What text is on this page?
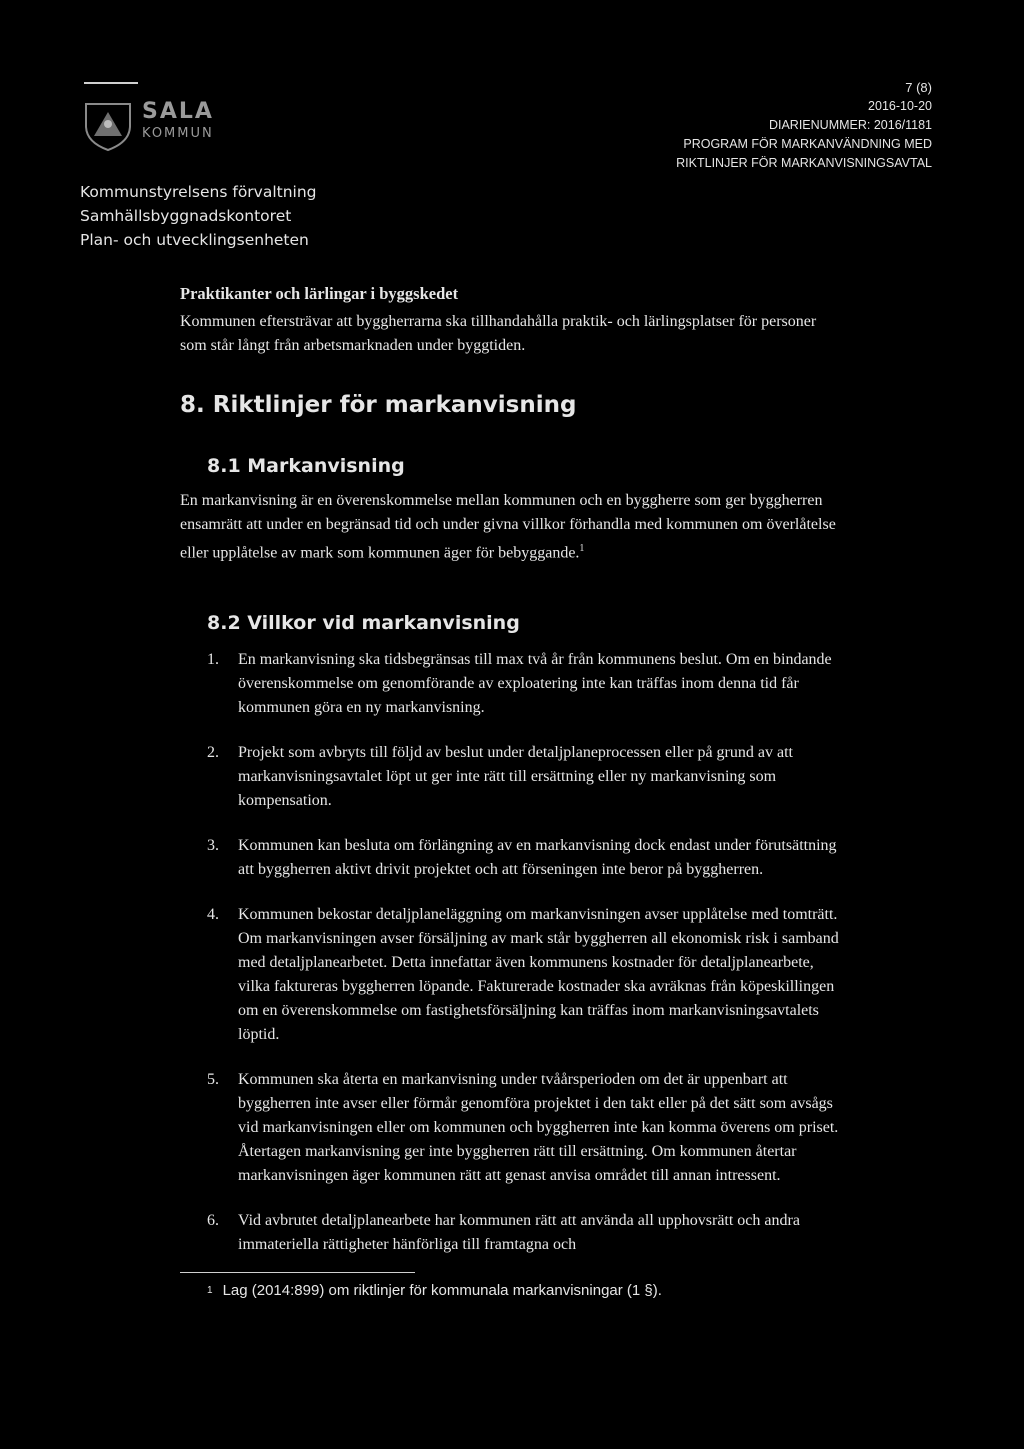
SALA
KOMMUN
7 (8)
2016-10-20
DIARIENUMMER: 2016/1181
PROGRAM FÖR MARKANVÄNDNING MED
RIKTLINJER FÖR MARKANVISNINGSAVTAL
Kommunstyrelsens förvaltning
Samhällsbyggnadskontoret
Plan- och utvecklingsenheten
Praktikanter och lärlingar i byggskedet
Kommunen eftersträvar att byggherrarna ska tillhandahålla praktik- och lärlingsplatser för personer som står långt från arbetsmarknaden under byggtiden.
8. Riktlinjer för markanvisning
8.1 Markanvisning
En markanvisning är en överenskommelse mellan kommunen och en byggherre som ger byggherren ensamrätt att under en begränsad tid och under givna villkor förhandla med kommunen om överlåtelse eller upplåtelse av mark som kommunen äger för bebyggande.$^1$
8.2 Villkor vid markanvisning
1. En markanvisning ska tidsbegränsas till max två år från kommunens beslut. Om en bindande överenskommelse om genomförande av exploatering inte kan träffas inom denna tid får kommunen göra en ny markanvisning.
2. Projekt som avbryts till följd av beslut under detaljplaneprocessen eller på grund av att markanvisningsavtalet löpt ut ger inte rätt till ersättning eller ny markanvisning som kompensation.
3. Kommunen kan besluta om förlängning av en markanvisning dock endast under förutsättning att byggherren aktivt drivit projektet och att förseningen inte beror på byggherren.
4. Kommunen bekostar detaljplaneläggning om markanvisningen avser upplåtelse med tomträtt. Om markanvisningen avser försäljning av mark står byggherren all ekonomisk risk i samband med detaljplanearbetet. Detta innefattar även kommunens kostnader för detaljplanearbete, vilka faktureras byggherren löpande. Fakturerade kostnader ska avräknas från köpeskillingen om en överenskommelse om fastighetsförsäljning kan träffas inom markanvisningsavtalets löptid.
5. Kommunen ska återta en markanvisning under tvåårsperioden om det är uppenbart att byggherren inte avser eller förmår genomföra projektet i den takt eller på det sätt som avsågs vid markanvisningen eller om kommunen och byggherren inte kan komma överens om priset. Återtagen markanvisning ger inte byggherren rätt till ersättning. Om kommunen återtar markanvisningen äger kommunen rätt att genast anvisa området till annan intressent.
6. Vid avbrutet detaljplanearbete har kommunen rätt att använda all upphovsrätt och andra immateriella rättigheter hänförliga till framtagna och
$^1$ Lag (2014:899) om riktlinjer för kommunala markanvisningar (1 §).
